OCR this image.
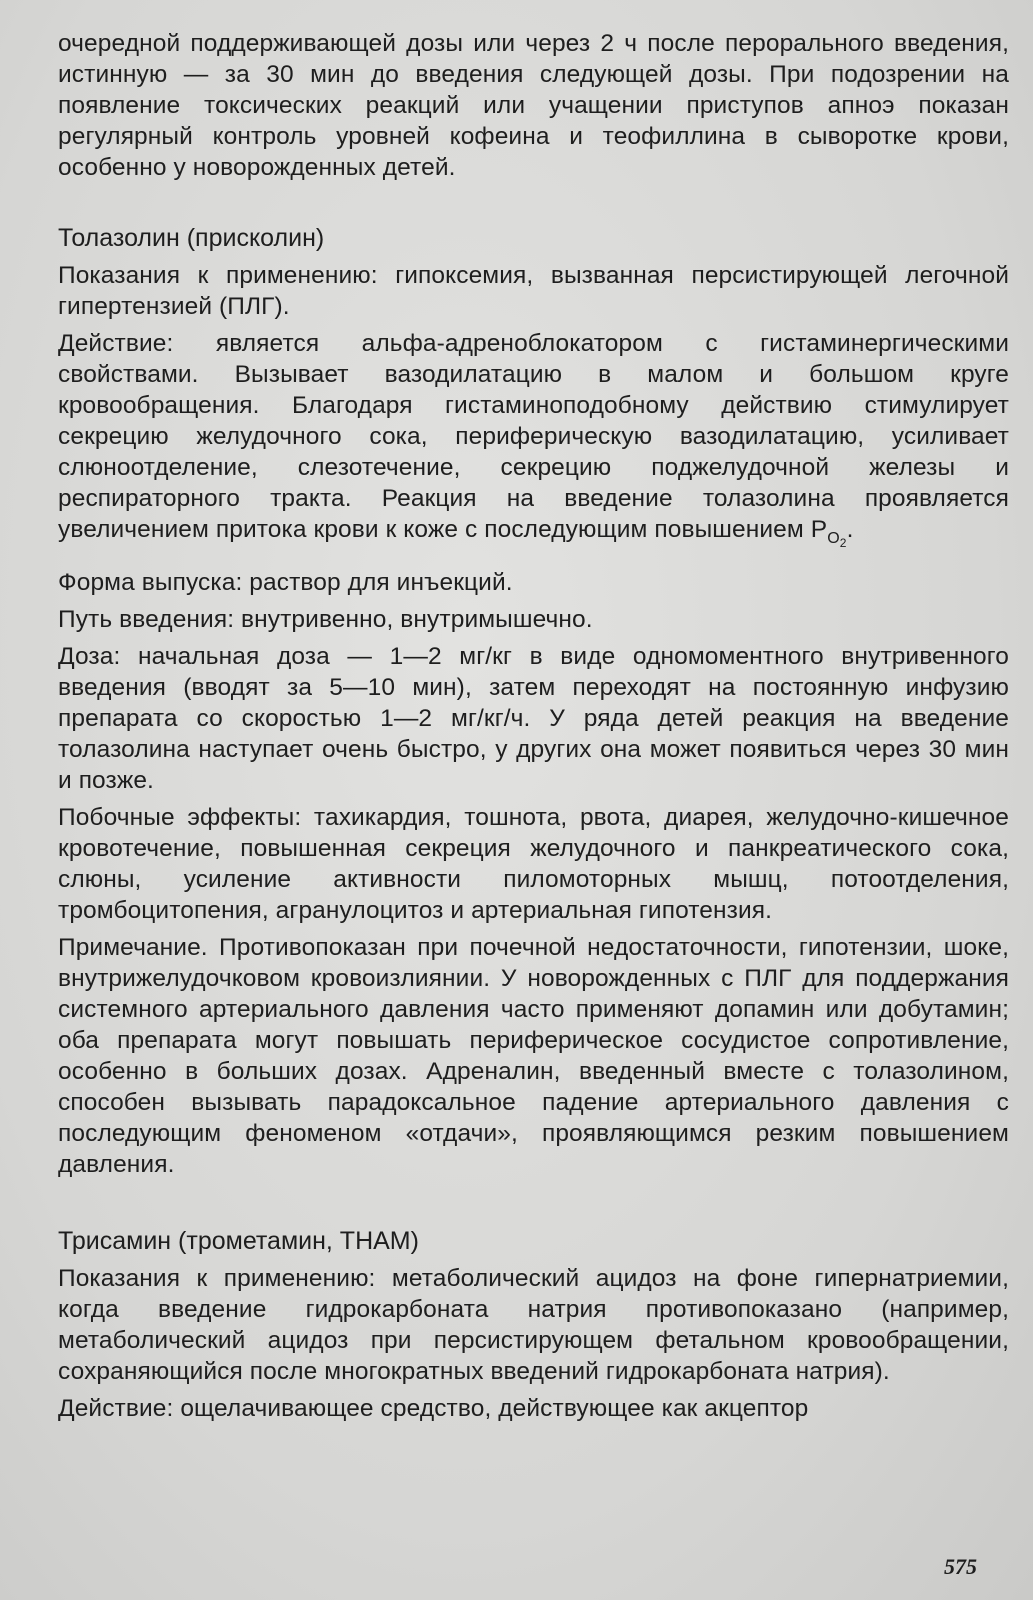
очередной поддерживающей дозы или через 2 ч после перорального введения, истинную — за 30 мин до введения следующей дозы. При подозрении на появление токсических реакций или учащении приступов апноэ показан регулярный контроль уровней кофеина и теофиллина в сыворотке крови, особенно у новорожденных детей.

Толазолин (присколин)

Показания к применению: гипоксемия, вызванная персистирующей легочной гипертензией (ПЛГ).

Действие: является альфа-адреноблокатором с гистаминергическими свойствами. Вызывает вазодилатацию в малом и большом круге кровообращения. Благодаря гистаминоподобному действию стимулирует секрецию желудочного сока, периферическую вазодилатацию, усиливает слюноотделение, слезотечение, секрецию поджелудочной железы и респираторного тракта. Реакция на введение толазолина проявляется увеличением притока крови к коже с последующим повышением $P_{O_2}$.

Форма выпуска: раствор для инъекций.

Путь введения: внутривенно, внутримышечно.

Доза: начальная доза — 1—2 мг/кг в виде одномоментного внутривенного введения (вводят за 5—10 мин), затем переходят на постоянную инфузию препарата со скоростью 1—2 мг/кг/ч. У ряда детей реакция на введение толазолина наступает очень быстро, у других она может появиться через 30 мин и позже.

Побочные эффекты: тахикардия, тошнота, рвота, диарея, желудочно-кишечное кровотечение, повышенная секреция желудочного и панкреатического сока, слюны, усиление активности пиломоторных мышц, потоотделения, тромбоцитопения, агранулоцитоз и артериальная гипотензия.

Примечание. Противопоказан при почечной недостаточности, гипотензии, шоке, внутрижелудочковом кровоизлиянии. У новорожденных с ПЛГ для поддержания системного артериального давления часто применяют допамин или добутамин; оба препарата могут повышать периферическое сосудистое сопротивление, особенно в больших дозах. Адреналин, введенный вместе с толазолином, способен вызывать парадоксальное падение артериального давления с последующим феноменом «отдачи», проявляющимся резким повышением давления.

Трисамин (трометамин, THAM)

Показания к применению: метаболический ацидоз на фоне гипернатриемии, когда введение гидрокарбоната натрия противопоказано (например, метаболический ацидоз при персистирующем фетальном кровообращении, сохраняющийся после многократных введений гидрокарбоната натрия).

Действие: ощелачивающее средство, действующее как акцептор

575
